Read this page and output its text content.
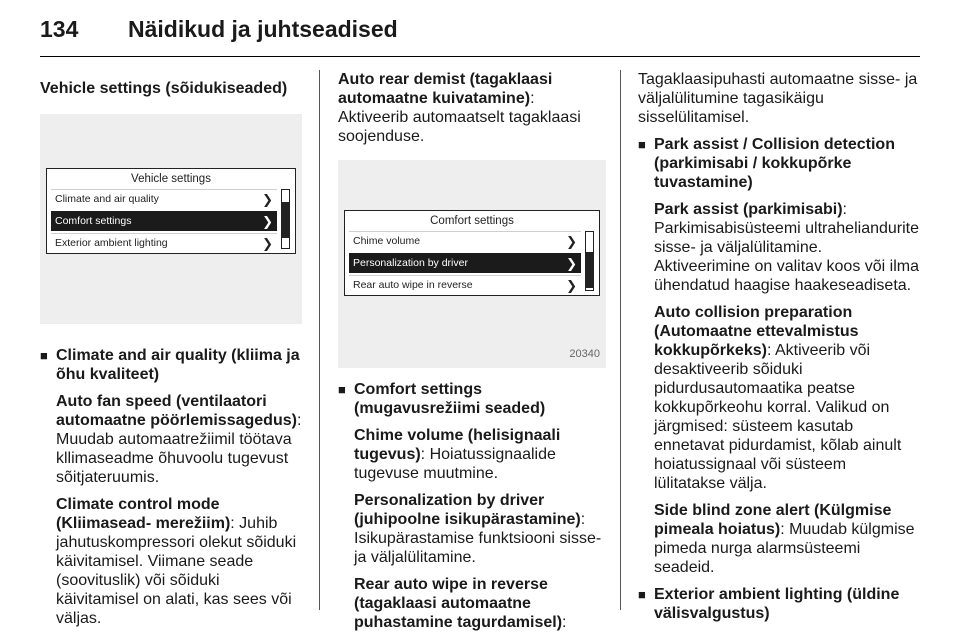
134	Näidikud ja juhtseadised
Vehicle settings (sõidukiseaded)
Vehicle settings
Climate and air quality	❯
Comfort settings	❯
Exterior ambient lighting	❯
■ Climate and air quality (kliima ja õhu kvaliteet)
Auto fan speed (ventilaatori automaatne pöörlemissagedus): Muudab automaatrežiimil töötava kllimaseadme õhuvoolu tugevust sõitjateruumis.
Climate control mode (Kliimasead- merežiim): Juhib jahutuskompressori olekut sõiduki käivitamisel. Viimane seade (soovituslik) või sõiduki käivitamisel on alati, kas sees või väljas.
Auto rear demist (tagaklaasi automaatne kuivatamine): Aktiveerib automaatselt tagaklaasi soojenduse.
Comfort settings
Chime volume	❯
Personalization by driver	❯
Rear auto wipe in reverse	❯
20340
■ Comfort settings (mugavusrežiimi seaded)
Chime volume (helisignaali tugevus): Hoiatussignaalide tugevuse muutmine.
Personalization by driver (juhipoolne isikupärastamine): Isikupärastamise funktsiooni sisse- ja väljalülitamine.
Rear auto wipe in reverse (tagaklaasi automaatne puhastamine tagurdamisel):
Tagaklaasipuhasti automaatne sisse- ja väljalülitumine tagasikäigu sisselülitamisel.
■ Park assist / Collision detection (parkimisabi / kokkupõrke tuvastamine)
Park assist (parkimisabi): Parkimisabisüsteemi ultraheliandurite sisse- ja väljalülitamine. Aktiveerimine on valitav koos või ilma ühendatud haagise haakeseadiseta.
Auto collision preparation (Automaatne ettevalmistus kokkupõrkeks): Aktiveerib või desaktiveerib sõiduki pidurdusautomaatika peatse kokkupõrkeohu korral. Valikud on järgmised: süsteem kasutab ennetavat pidurdamist, kõlab ainult hoiatussignaal või süsteem lülitatakse välja.
Side blind zone alert (Külgmise pimeala hoiatus): Muudab külgmise pimeda nurga alarmsüsteemi seadeid.
■ Exterior ambient lighting (üldine välisvalgustus)
